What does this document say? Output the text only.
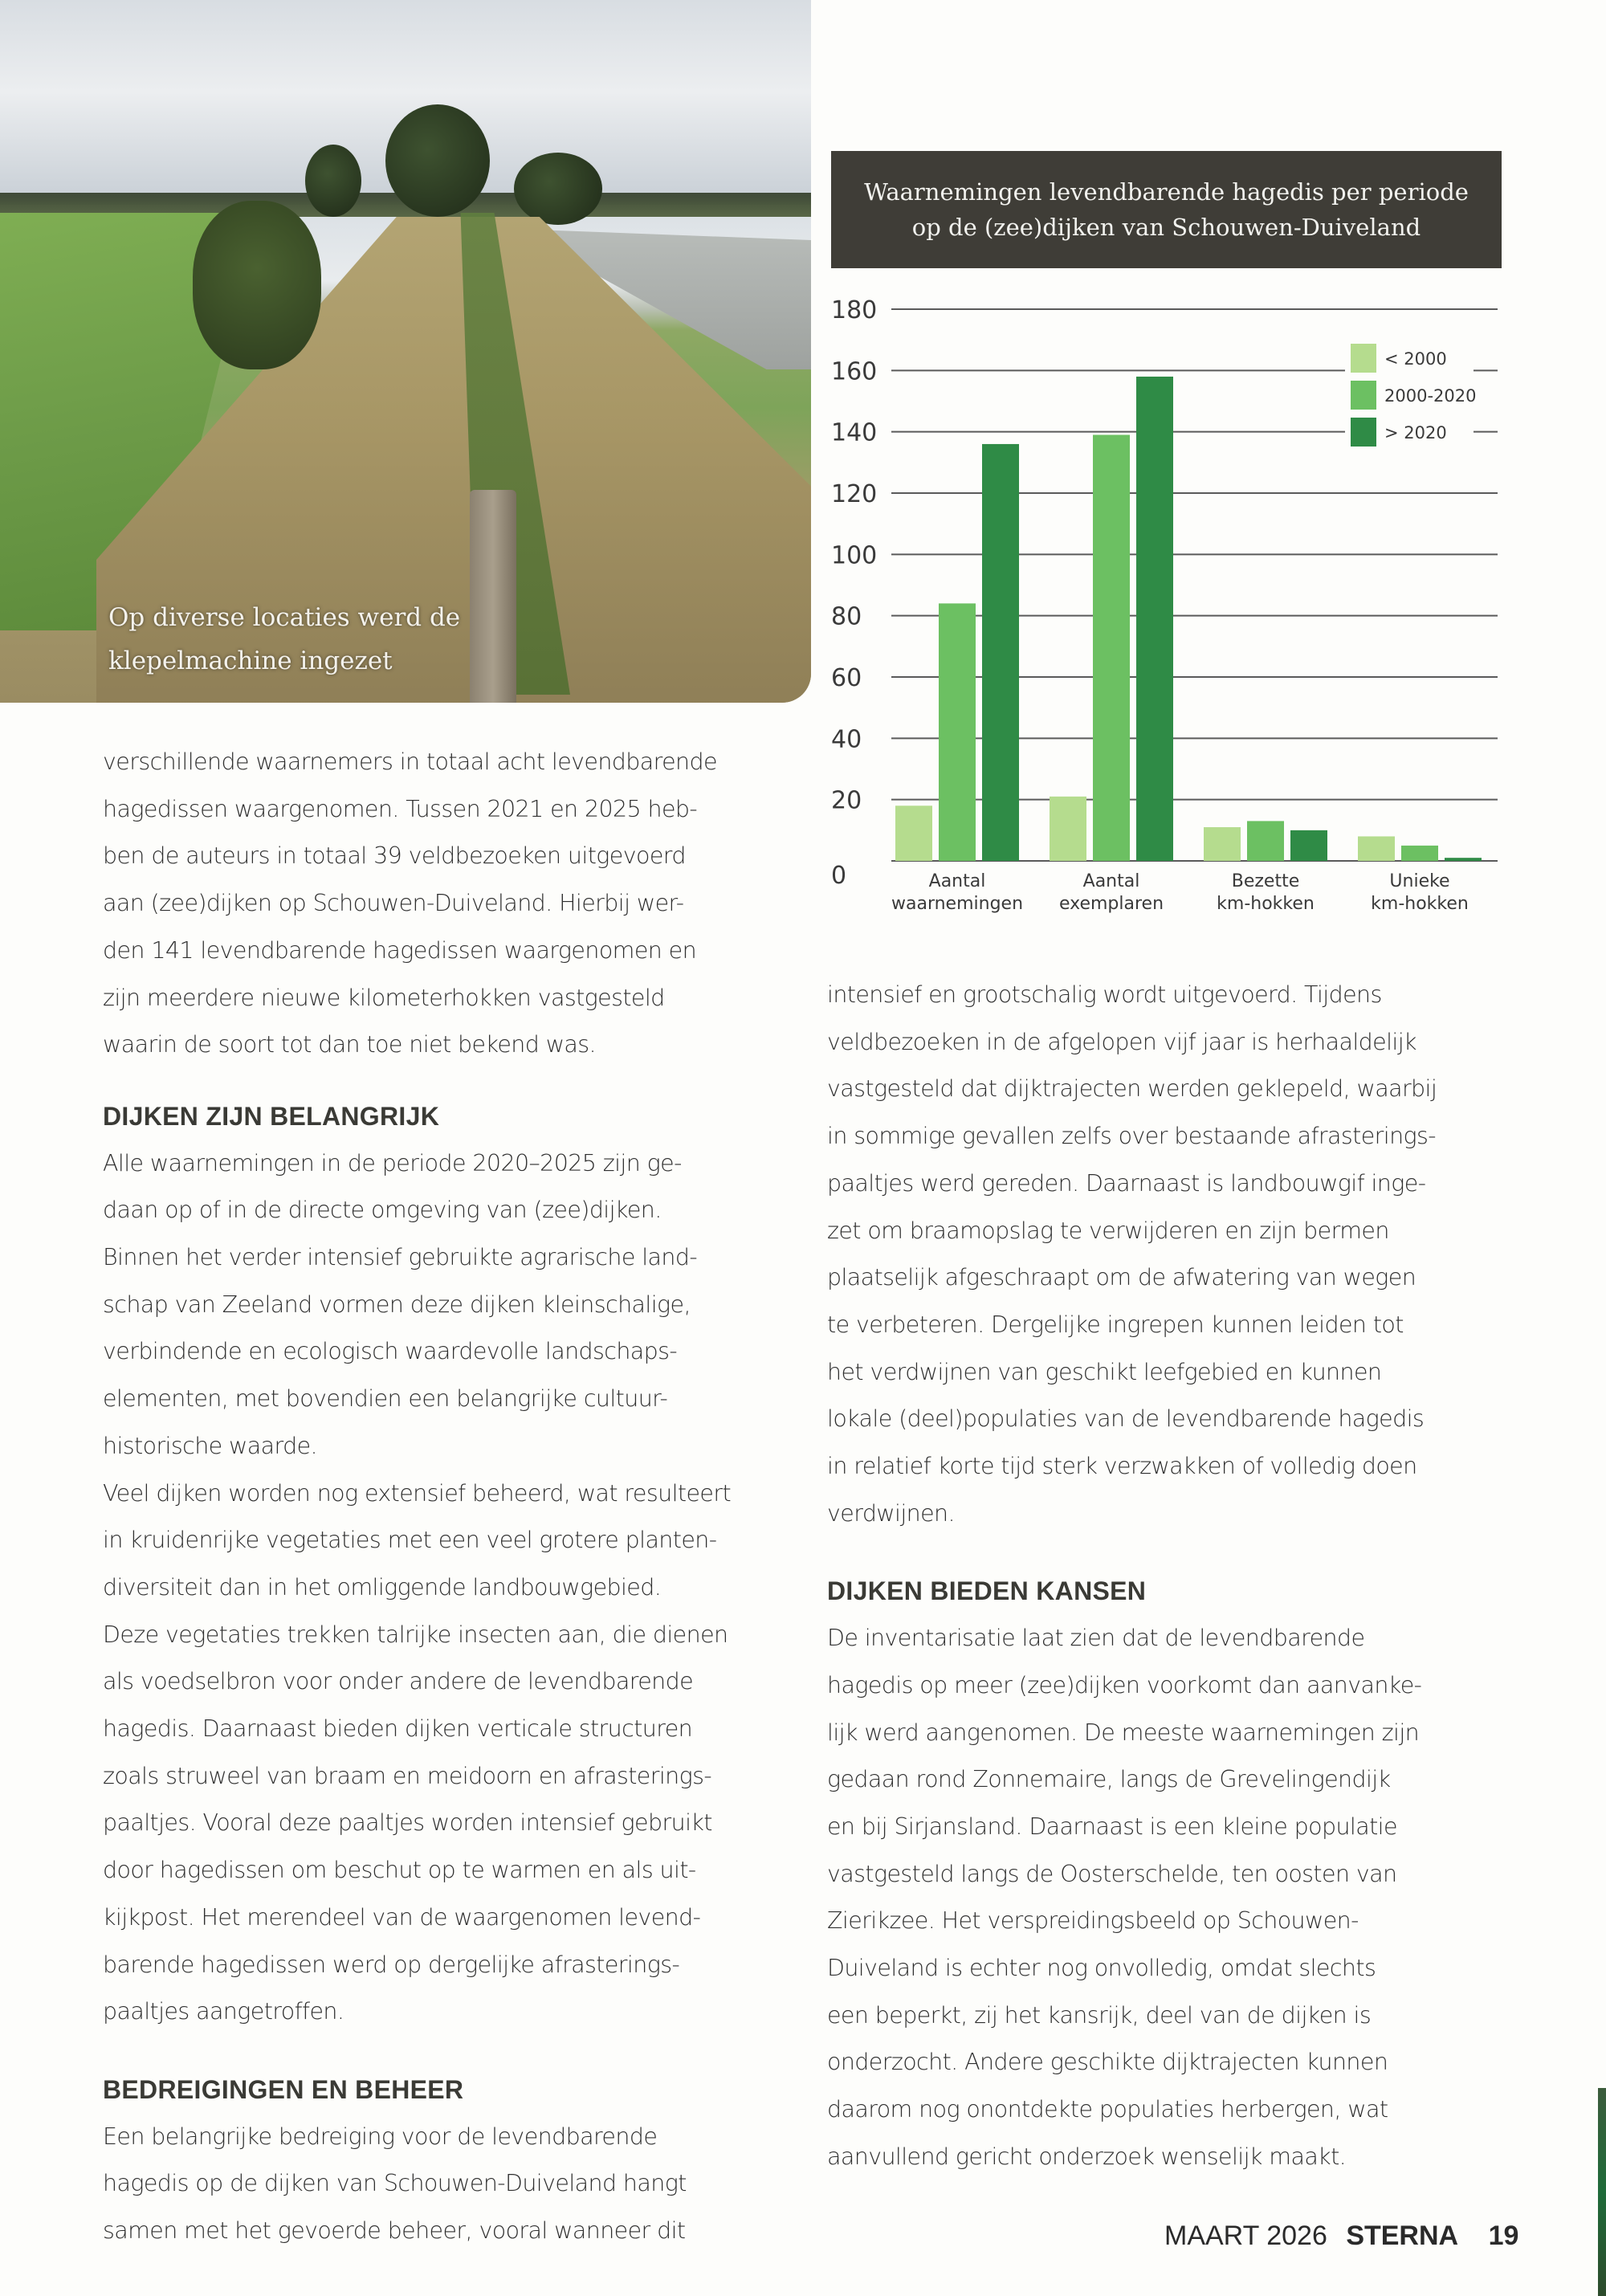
Op diverse locaties werd de klepelmachine ingezet
Waarnemingen levendbarende hagedis per periode
op de (zee)dijken van Schouwen-Duiveland
0
20
40
60
80
100
120
140
160
180
Aantal
waarnemingen
Aantal
exemplaren
Bezette
km-hokken
Unieke
km-hokken
< 2000
2000-2020
> 2020

verschillende waarnemers in totaal acht levendbarende
hagedissen waargenomen. Tussen 2021 en 2025 heb-
ben de auteurs in totaal 39 veldbezoeken uitgevoerd
aan (zee)dijken op Schouwen-Duiveland. Hierbij wer-
den 141 levendbarende hagedissen waargenomen en
zijn meerdere nieuwe kilometerhokken vastgesteld
waarin de soort tot dan toe niet bekend was.

DIJKEN ZIJN BELANGRIJK

Alle waarnemingen in de periode 2020–2025 zijn ge-
daan op of in de directe omgeving van (zee)dijken.
Binnen het verder intensief gebruikte agrarische land-
schap van Zeeland vormen deze dijken kleinschalige,
verbindende en ecologisch waardevolle landschaps-
elementen, met bovendien een belangrijke cultuur-
historische waarde.
Veel dijken worden nog extensief beheerd, wat resulteert
in kruidenrijke vegetaties met een veel grotere planten-
diversiteit dan in het omliggende landbouwgebied.
Deze vegetaties trekken talrijke insecten aan, die dienen
als voedselbron voor onder andere de levendbarende
hagedis. Daarnaast bieden dijken verticale structuren
zoals struweel van braam en meidoorn en afrasterings-
paaltjes. Vooral deze paaltjes worden intensief gebruikt
door hagedissen om beschut op te warmen en als uit-
kijkpost. Het merendeel van de waargenomen levend-
barende hagedissen werd op dergelijke afrasterings-
paaltjes aangetroffen.

BEDREIGINGEN EN BEHEER

Een belangrijke bedreiging voor de levendbarende
hagedis op de dijken van Schouwen-Duiveland hangt
samen met het gevoerde beheer, vooral wanneer dit

intensief en grootschalig wordt uitgevoerd. Tijdens
veldbezoeken in de afgelopen vijf jaar is herhaaldelijk
vastgesteld dat dijktrajecten werden geklepeld, waarbij
in sommige gevallen zelfs over bestaande afrasterings-
paaltjes werd gereden. Daarnaast is landbouwgif inge-
zet om braamopslag te verwijderen en zijn bermen
plaatselijk afgeschraapt om de afwatering van wegen
te verbeteren. Dergelijke ingrepen kunnen leiden tot
het verdwijnen van geschikt leefgebied en kunnen
lokale (deel)populaties van de levendbarende hagedis
in relatief korte tijd sterk verzwakken of volledig doen
verdwijnen.

DIJKEN BIEDEN KANSEN

De inventarisatie laat zien dat de levendbarende
hagedis op meer (zee)dijken voorkomt dan aanvanke-
lijk werd aangenomen. De meeste waarnemingen zijn
gedaan rond Zonnemaire, langs de Grevelingendijk
en bij Sirjansland. Daarnaast is een kleine populatie
vastgesteld langs de Oosterschelde, ten oosten van
Zierikzee. Het verspreidingsbeeld op Schouwen-
Duiveland is echter nog onvolledig, omdat slechts
een beperkt, zij het kansrijk, deel van de dijken is
onderzocht. Andere geschikte dijktrajecten kunnen
daarom nog onontdekte populaties herbergen, wat
aanvullend gericht onderzoek wenselijk maakt.

MAART 2026 STERNA 19
